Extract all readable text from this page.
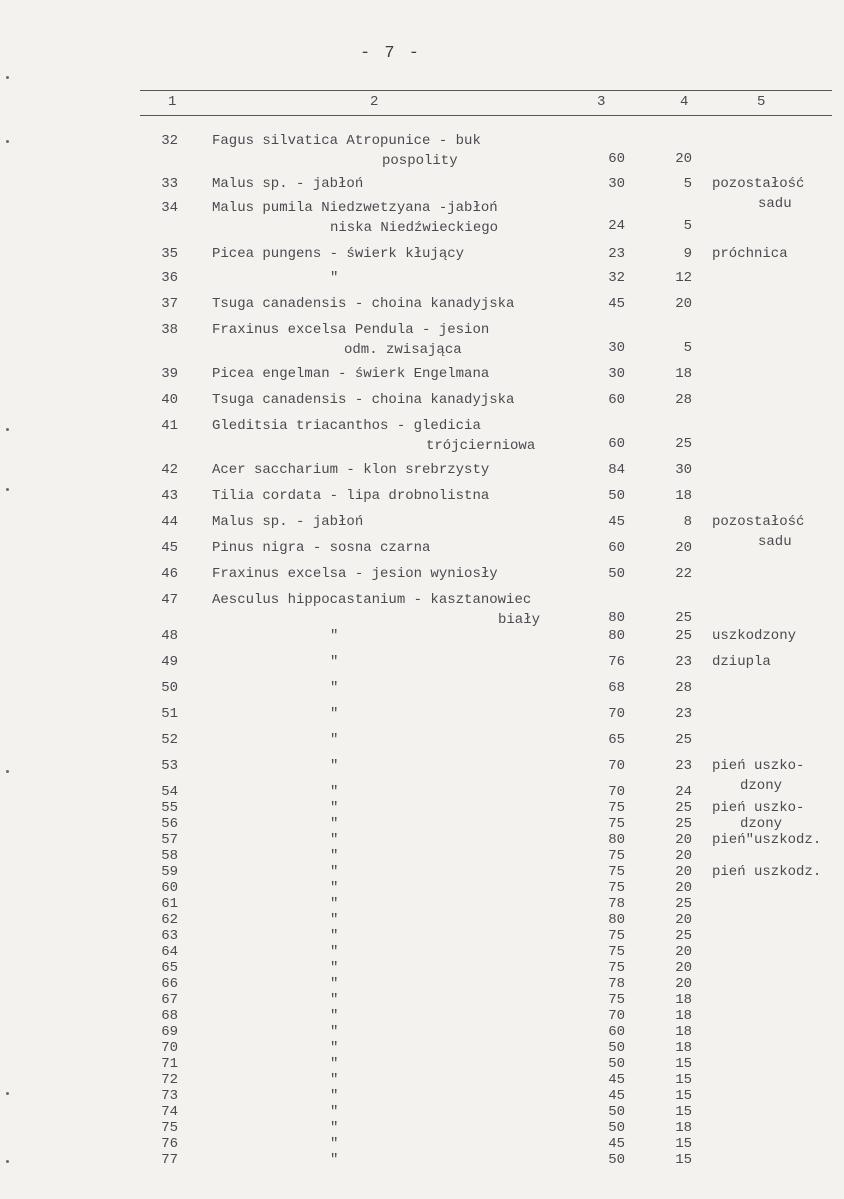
- 7 -
1	2	3	4	5
32 Fagus silvatica Atropunice - buk
pospolity	60	20
33 Malus sp. - jabłoń	30	5 pozostałość
sadu
34 Malus pumila Niedzwetzyana -jabłoń
niska Niedźwieckiego	24	5
35 Picea pungens - świerk kłujący	23	9 próchnica
36	"	32	12
37 Tsuga canadensis - choina kanadyjska	45	20
38 Fraxinus excelsa Pendula - jesion
odm. zwisająca	30	5
39 Picea engelman - świerk Engelmana	30	18
40 Tsuga canadensis - choina kanadyjska	60	28
41 Gleditsia triacanthos - gledicia
trójcierniowa	60	25
42 Acer saccharium - klon srebrzysty	84	30
43 Tilia cordata - lipa drobnolistna	50	18
44 Malus sp. - jabłoń	45	8 pozostałość
sadu
45 Pinus nigra - sosna czarna	60	20
46 Fraxinus excelsa - jesion wyniosły	50	22
47 Aesculus hippocastanium - kasztanowiec
biały	80	25
48	"	80	25 uszkodzony
49	"	76	23 dziupla
50	"	68	28
51	"	70	23
52	"	65	25
53	"	70	23 pień uszko-
dzony
54	"	70	24
55	"	75	25 pień uszko-
dzony
56	"	75	25
57	"	80	20 pień"uszkodz.
58	"	75	20
59	"	75	20 pień uszkodz.
60	"	75	20
61	"	78	25
62	"	80	20
63	"	75	25
64	"	75	20
65	"	75	20
66	"	78	20
67	"	75	18
68	"	70	18
69	"	60	18
70	"	50	18
71	"	50	15
72	"	45	15
73	"	45	15
74	"	50	15
75	"	50	18
76	"	45	15
77	"	50	15
